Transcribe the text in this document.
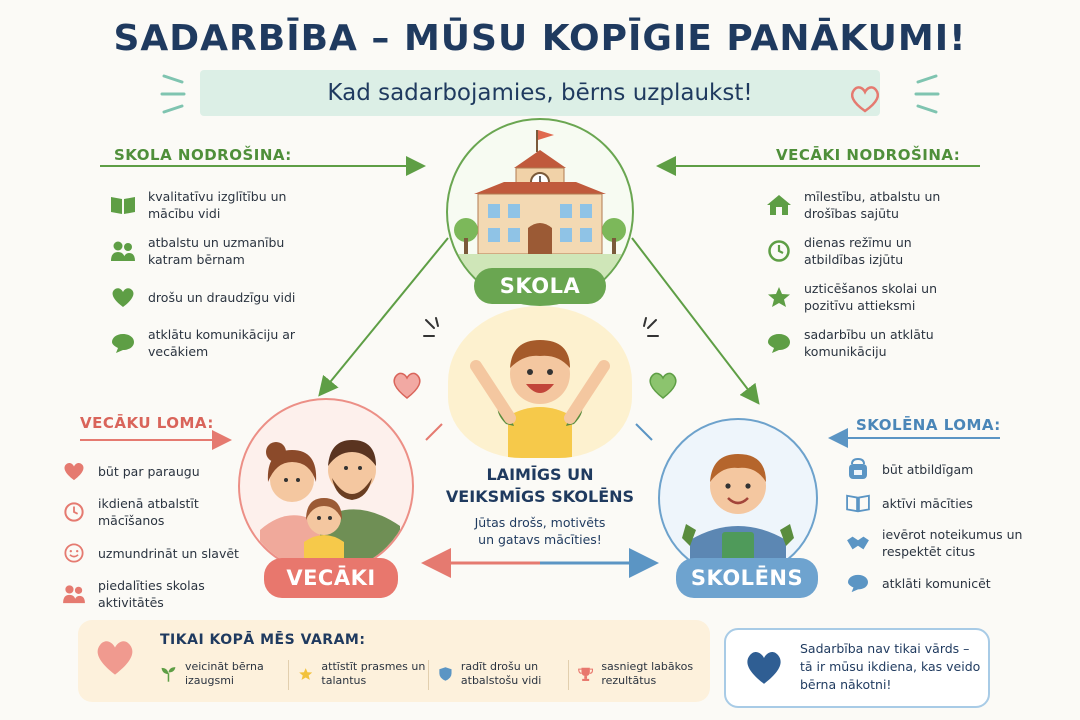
SADARBĪBA – MŪSU KOPĪGIE PANĀKUMI!
Kad sadarbojamies, bērns uzplaukst!
SKOLA
SKOLA NODROŠINA:
kvalitatīvu izglītību un mācību vidi
atbalstu un uzmanību katram bērnam
drošu un draudzīgu vidi
atklātu komunikāciju ar vecākiem
VECĀKI NODROŠINA:
mīlestību, atbalstu un drošības sajūtu
dienas režīmu un atbildības izjūtu
uzticēšanos skolai un pozitīvu attieksmi
sadarbību un atklātu komunikāciju
LAIMĪGS UN VEIKSMĪGS SKOLĒNS
Jūtas drošs, motivēts un gatavs mācīties!
VECĀKI
VECĀKU LOMA:
būt par paraugu
ikdienā atbalstīt mācīšanos
uzmundrināt un slavēt
piedalīties skolas aktivitātēs
SKOLĒNS
SKOLĒNA LOMA:
būt atbildīgam
aktīvi mācīties
ievērot noteikumus un respektēt citus
atklāti komunicēt
TIKAI KOPĀ MĒS VARAM:
veicināt bērna izaugsmi
attīstīt prasmes un talantus
radīt drošu un atbalstošu vidi
sasniegt labākos rezultātus
Sadarbība nav tikai vārds – tā ir mūsu ikdiena, kas veido bērna nākotni!
